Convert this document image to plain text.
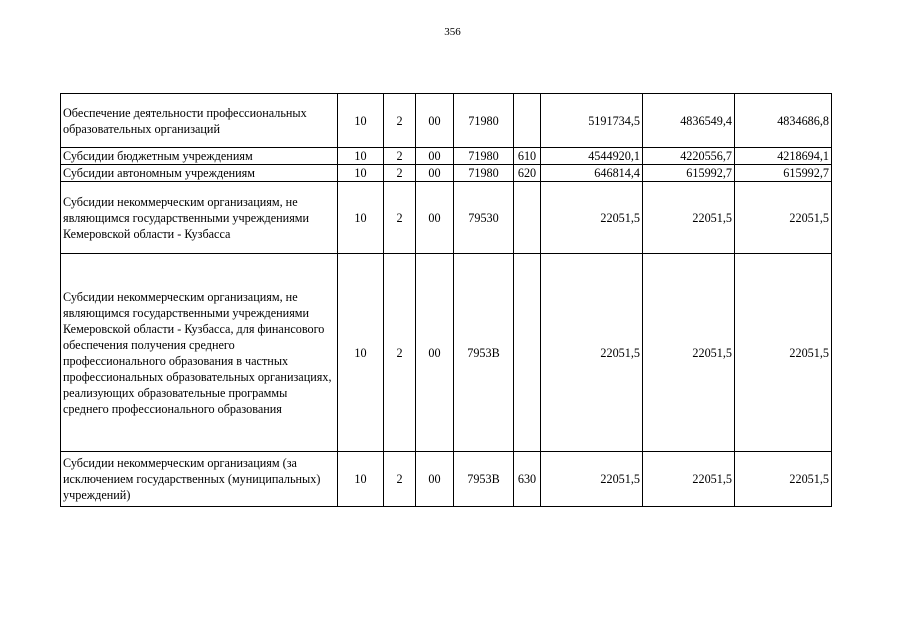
356
Обеспечение деятельности профессиональных образовательных организаций	10	2	00	71980		5191734,5	4836549,4	4834686,8
Субсидии бюджетным учреждениям	10	2	00	71980	610	4544920,1	4220556,7	4218694,1
Субсидии автономным учреждениям	10	2	00	71980	620	646814,4	615992,7	615992,7
Субсидии некоммерческим организациям, не являющимся государственными учреждениями Кемеровской области - Кузбасса	10	2	00	79530		22051,5	22051,5	22051,5
Субсидии некоммерческим организациям, не являющимся государственными учреждениями Кемеровской области - Кузбасса, для финансового обеспечения получения среднего профессионального образования в частных профессиональных образовательных организациях, реализующих образовательные программы среднего профессионального образования	10	2	00	7953B		22051,5	22051,5	22051,5
Субсидии некоммерческим организациям (за исключением государственных (муниципальных) учреждений)	10	2	00	7953B	630	22051,5	22051,5	22051,5
